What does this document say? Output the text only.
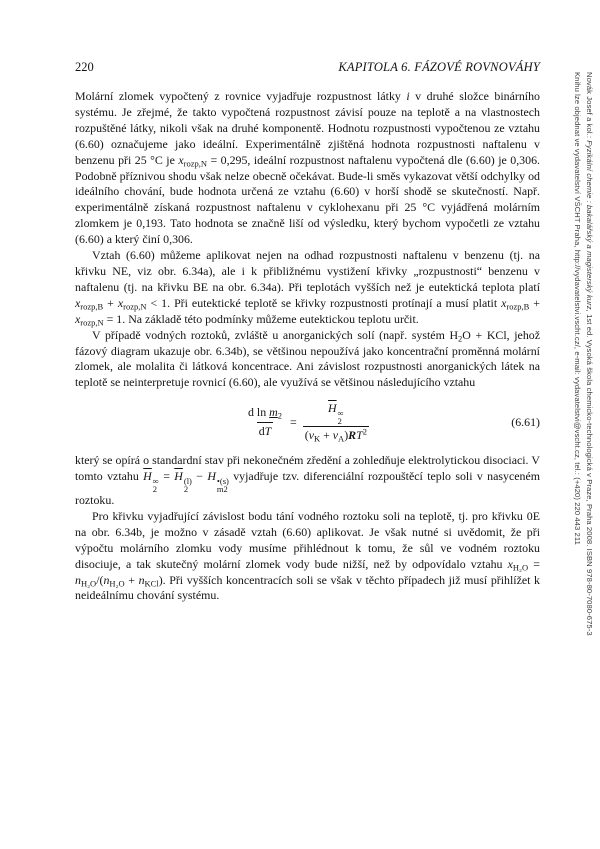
220	KAPITOLA 6. FÁZOVÉ ROVNOVÁHY

Molární zlomek vypočtený z rovnice vyjadřuje rozpustnost látky i v druhé složce binárního systému. Je zřejmé, že takto vypočtená rozpustnost závisí pouze na teplotě a na vlastnostech rozpuštěné látky, nikoli však na druhé komponentě. Hodnotu rozpustnosti vypočtenou ze vztahu (6.60) označujeme jako ideální. Experimentálně zjištěná hodnota rozpustnosti naftalenu v benzenu při 25 °C je $x_{rozp,N} = 0,295$, ideální rozpustnost naftalenu vypočtená dle (6.60) je 0,306. Podobně příznivou shodu však nelze obecně očekávat. Bude-li směs vykazovat větší odchylky od ideálního chování, bude hodnota určená ze vztahu (6.60) v horší shodě se skutečností. Např. experimentálně získaná rozpustnost naftalenu v cyklohexanu při 25 °C vyjádřená molárním zlomkem je 0,193. Tato hodnota se značně liší od výsledku, který bychom vypočetli ze vztahu (6.60) a který činí 0,306.

Vztah (6.60) můžeme aplikovat nejen na odhad rozpustnosti naftalenu v benzenu (tj. na křivku NE, viz obr. 6.34a), ale i k přibližnému vystižení křivky „rozpustnosti“ benzenu v naftalenu (tj. na křivku BE na obr. 6.34a). Při teplotách vyšších než je eutektická teplota platí $x_{rozp,B} + x_{rozp,N} < 1$. Při eutektické teplotě se křivky rozpustnosti protínají a musí platit $x_{rozp,B} + x_{rozp,N} = 1$. Na základě této podmínky můžeme eutektickou teplotu určit.

V případě vodných roztoků, zvláště u anorganických solí (např. systém $H_2O$ + KCl, jehož fázový diagram ukazuje obr. 6.34b), se většinou nepoužívá jako koncentrační proměnná molární zlomek, ale molalita či látková koncentrace. Ani závislost rozpustnosti anorganických látek na teplotě se neinterpretuje rovnicí (6.60), ale využívá se většinou následujícího vztahu

$\frac{d \ln m_2}{dT} = \overline{H}$ ∞
2
$(\nu_K + \nu_A)RT^2$	(6.61)

který se opírá o standardní stav při nekonečném zředění a zohledňuje elektrolytickou disociaci. V tomto vztahu $\overline{H}$ ∞
2
= $\overline{H}$ (l)
2
− H •(s)
m2
vyjadřuje tzv. diferenciální rozpouštěcí teplo soli v nasyceném roztoku.

Pro křivku vyjadřující závislost bodu tání vodného roztoku soli na teplotě, tj. pro křivku 0E na obr. 6.34b, je možno v zásadě vztah (6.60) aplikovat. Je však nutné si uvědomit, že při výpočtu molárního zlomku vody musíme přihlédnout k tomu, že sůl ve vodném roztoku disociuje, a tak skutečný molární zlomek vody bude nižší, než by odpovídalo vztahu $x_{H_2O} = n_{H_2O}/(n_{H_2O} + n_{KCl})$. Při vyšších koncentracích soli se však v těchto případech již musí přihlížet k neideálnímu chování systému.

Novák Josef a kol.: Fyzikální chemie : bakalářský a magisterský kurz, 1st ed. Vysoká škola chemicko-technologická v Praze, Praha 2008. ISBN 978-80-7080-675-3
Knihu lze objednat ve vydavatelství VŠCHT Praha, http://vydavatelstvi.vscht.cz/, e-mail: vydavatelstvi@vscht.cz, tel.: (+420) 220 443 211
